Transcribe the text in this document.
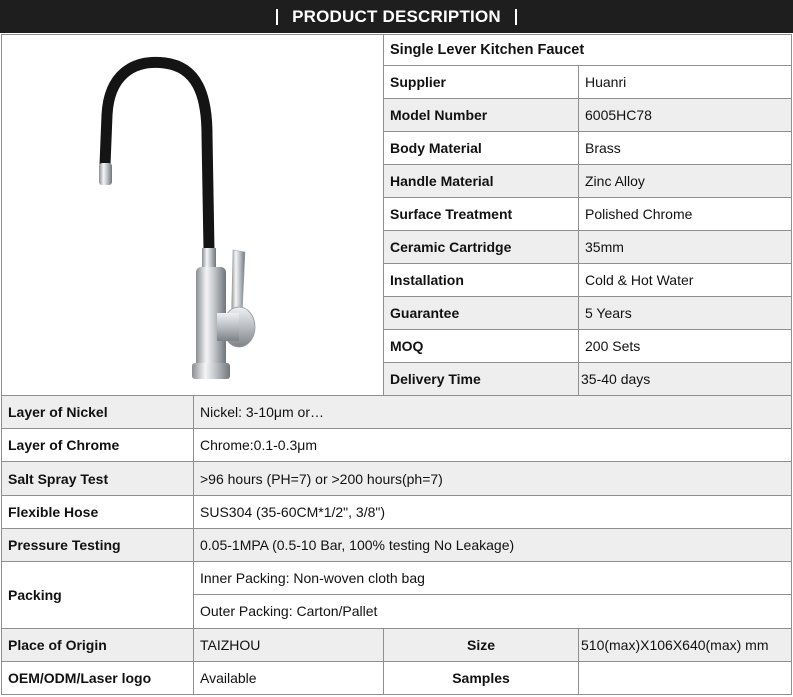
PRODUCT DESCRIPTION
	Single Lever Kitchen Faucet	
	Supplier	Huanri
	Model Number	6005HC78
	Body Material	Brass
	Handle Material	Zinc Alloy
	Surface Treatment	Polished Chrome
	Ceramic Cartridge	35mm
	Installation	Cold & Hot Water
	Guarantee	5 Years
	MOQ	200 Sets
	Delivery Time	35-40 days
Layer of Nickel	Nickel: 3-10μm or…		
Layer of Chrome	Chrome:0.1-0.3μm		
Salt Spray Test	>96 hours (PH=7) or >200 hours(ph=7)		
Flexible Hose	SUS304 (35-60CM*1/2", 3/8")		
Pressure Testing	0.05-1MPA (0.5-10 Bar, 100% testing No Leakage)		
Packing	Inner Packing: Non-woven cloth bag		
	Outer Packing: Carton/Pallet		
Place of Origin	TAIZHOU	Size	510(max)X106X640(max) mm
OEM/ODM/Laser logo	Available	Samples	
